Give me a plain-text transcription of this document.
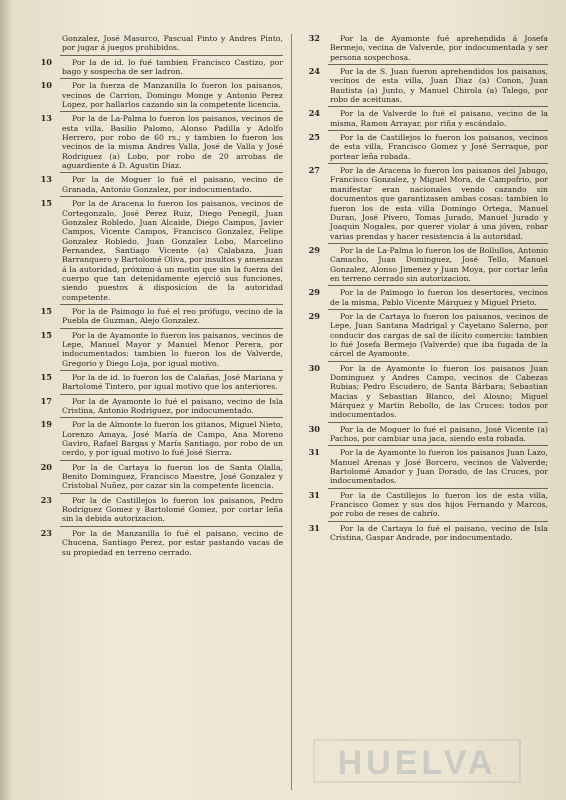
Gonzalez, José Masurco, Pascual Pinto y Andres Pinto, por jugar á juegos prohibidos.
10	Por la de id. lo fué tambien Francisco Castizo, por bago y sospecha de ser ladron.
10	Por la fuerza de Manzanilla lo fueron los paisanos, vecinos de Carrion, Domingo Monge y Antonio Perez Lopez, por hallarlos cazando sin la competente licencia.
13	Por la de La-Palma lo fueron los paisanos, vecinos de esta villa, Basilio Palomo, Alonso Padilla y Adolfo Herrero, por robo de 60 rs.; y tambien lo fueron los vecinos de la misma Andres Valla, José de Valla y José Rodriguez (a) Lobo, por robo de 20 arrobas de aguardiente á D. Agustin Diaz.
13	Por la de Moguer lo fué el paisano, vecino de Granada, Antonio Gonzalez, por indocumentado.
15	Por la de Aracena lo fueron los paisanos, vecinos de Cortegonzalo, José Perez Ruiz, Diego Penegil, Juan Gonzalez Robledo, Juan Alcaide, Diego Campos, Javier Campos, Vicente Campos, Francisco Gonzalez, Felipe Gonzalez Robledo, Juan Gonzalez Lobo, Marcelino Fernandez, Santiago Vicente (a) Calabaza, Juan Barranquero y Bartolomé Oliva, por insultos y amenazas á la autoridad, próximo á un motin que sin la fuerza del cuerpo que tan detenidamente ejerció sus funciones, siendo puestos á disposicion de la autoridad competente.
15	Por la de Paimogo lo fué el reo prófugo, vecino de la Puebla de Guzman, Alejo Gonzalez.
15	Por la de Ayamonte lo fueron los paisanos, vecinos de Lepe, Manuel Mayor y Manuel Menor Perera, por indocumentados: tambien lo fueron los de Valverde, Gregorio y Diego Loja, por igual motivo.
15	Por la de id. lo fueron los de Calañas, José Mariana y Bartolomé Tintero, por igual motivo que los anteriores.
17	Por la de Ayamonte lo fué el paisano, vecino de Isla Cristina, Antonio Rodriguez, por indocumentado.
19	Por la de Almonte lo fueron los gitanos, Miguel Nieto, Lorenzo Amaya, José María de Campo, Ana Moreno Gaviro, Rafael Bargas y María Santiago, por robo de un cerdo, y por igual motivo lo fué José Sierra.
20	Por la de Cartaya lo fueron los de Santa Olalla, Benito Dominguez, Francisco Maestre, José Gonzalez y Cristobal Nuñez, por cazar sin la competente licencia.
23	Por la de Castillejos lo fueron los paisanos, Pedro Rodriguez Gomez y Bartolomé Gomez, por cortar leña sin la debida autorizacion.
23	Por la de Manzanilla lo fué el paisano, vecino de Chucena, Santiago Perez, por estar pastando vacas de su propiedad en terreno cerrado.
32	Por la de Ayamonte fué aprehendida á Josefa Bermejo, vecina de Valverde, por indocumentada y ser persona sospechosa.
24	Por la de S. Juan fueron aprehendidos los paisanos, vecinos de esta villa, Juan Diaz (a) Conon, Juan Bautista (a) Junto, y Manuel Chirola (a) Talego, por robo de aceitunas.
24	Por la de Valverde lo fué el paisano, vecino de la misma, Ramon Arrayar, por riña y escándalo.
25	Por la de Castillejos lo fueron los paisanos, vecinos de esta villa, Francisco Gomez y José Serraque, por portear leña robada.
27	Por la de Aracena lo fueron los paisanos del Jabugo, Francisco Gonzalez, y Miguel Mora, de Campofrio, por manifestar eran nacionales vendo cazando sin documentos que garantizasen ambas cosas: tambien lo fueron los de esta villa Domingo Ortega, Manuel Duran, José Pivero, Tomas Jurado, Manuel Jurado y Joaquin Nogales, por querer violar á una jóven, robar varias prendas y hacer resistencia á la autoridad.
29	Por la de La-Palma lo fueron los de Bollullos, Antonio Camacho, Juan Dominguez, José Tello, Manuel Gonzalez, Alonso Jimenez y Juan Moya, por cortar leña en terreno cerrado sin autorizacion.
29	Por la de Paimogo lo fueron los desertores, vecinos de la misma, Pablo Vicente Márquez y Miguel Prieto.
29	Por la de Cartaya lo fueron los paisanos, vecinos de Lepe, Juan Santana Madrigal y Cayetano Salerno, por conducir dos cargas de sal de ilícito comercio: tambien lo fué Josefa Bermejo (Valverde) que iba fugada de la cárcel de Ayamonte.
30	Por la de Ayamonte lo fueron los paisanos Juan Dominguez y Andres Campo, vecinos de Cabezas Rubias; Pedro Escudero, de Santa Bárbara; Sebastian Macias y Sebastian Blanco, del Alosno; Miguel Márquez y Martin Rebollo, de las Cruces: todos por indocumentados.
30	Por la de Moguer lo fué el paisano, José Vicente (a) Pachos, por cambiar una jaca, siendo esta robada.
31	Por la de Ayamonte lo fueron los paisanos Juan Lazo, Manuel Arenas y José Borcero, vecinos de Valverde; Bartolomé Amador y Juan Dorado, de las Cruces, por indocumentados.
31	Por la de Castillejos lo fueron los de esta villa, Francisco Gomez y sus dos hijos Fernando y Marcos, por robo de reses de cabrío.
31	Por la de Cartaya lo fué el paisano, vecino de Isla Cristina, Gaspar Andrade, por indocumentado.
HUELVA
